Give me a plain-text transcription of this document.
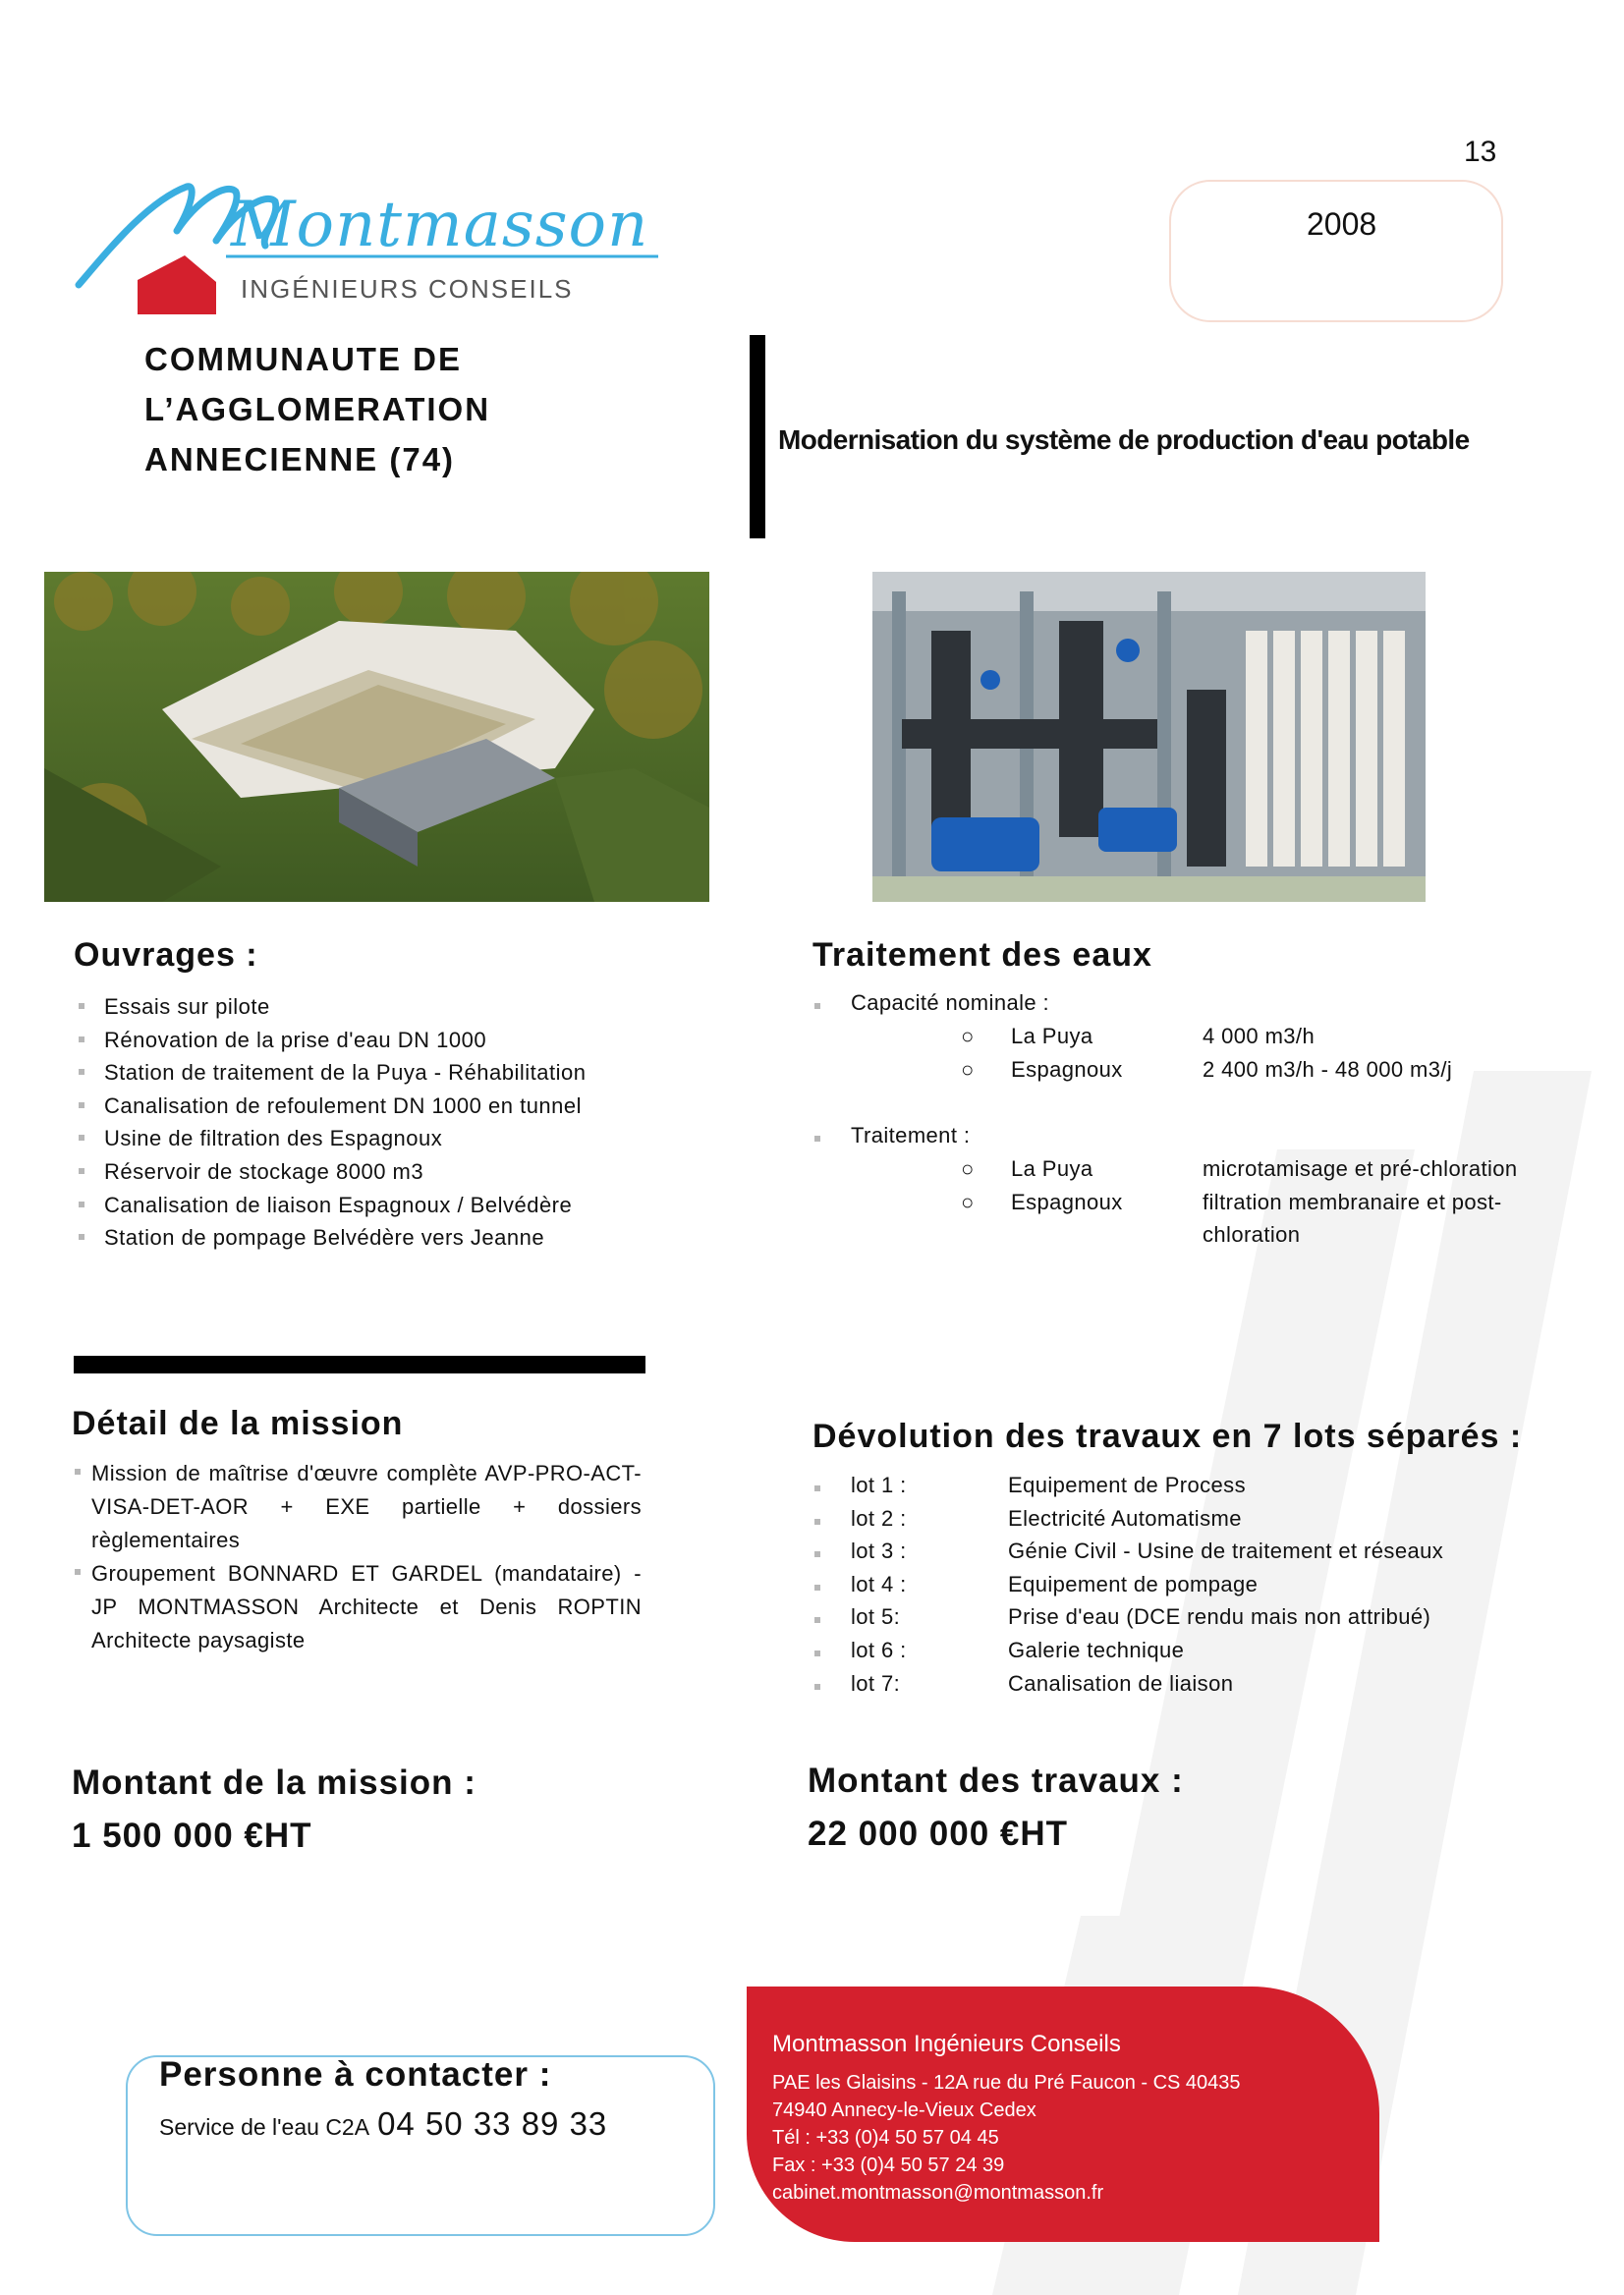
13
2008
Montmasson
INGÉNIEURS CONSEILS
COMMUNAUTE DE
L’AGGLOMERATION
ANNECIENNE (74)
Modernisation du système de production d'eau potable
Ouvrages :
Essais sur pilote
Rénovation de la prise d'eau DN 1000
Station de traitement de la Puya - Réhabilitation
Canalisation de refoulement DN 1000 en tunnel
Usine de filtration des Espagnoux
Réservoir de stockage 8000 m3
Canalisation de liaison Espagnoux / Belvédère
Station de pompage Belvédère vers Jeanne
Traitement des eaux
Capacité nominale :
○ La Puya	4 000 m3/h
○ Espagnoux	2 400 m3/h - 48 000 m3/j
Traitement :
○ La Puya	microtamisage et pré-chloration
○ Espagnoux	filtration membranaire et post-
chloration
Détail de la mission

Mission de maîtrise d'œuvre complète AVP-PRO-ACT-VISA-DET-AOR + EXE partielle + dossiers règlementaires

Groupement BONNARD ET GARDEL (mandataire) - JP MONTMASSON Architecte et Denis ROPTIN Architecte paysagiste

Dévolution des travaux en 7 lots séparés :
lot 1 :	Equipement de Process
lot 2 :	Electricité Automatisme
lot 3 :	Génie Civil - Usine de traitement et réseaux
lot 4 :	Equipement de pompage
lot 5:	Prise d'eau (DCE rendu mais non attribué)
lot 6 :	Galerie technique
lot 7:	Canalisation de liaison
Montant de la mission :
1 500 000 €HT
Montant des travaux :
22 000 000 €HT
Montmasson Ingénieurs Conseils
PAE les Glaisins - 12A rue du Pré Faucon - CS 40435
74940 Annecy-le-Vieux Cedex
Tél : +33 (0)4 50 57 04 45
Fax : +33 (0)4 50 57 24 39
cabinet.montmasson@montmasson.fr
Personne à contacter :
Service de l'eau C2A 04 50 33 89 33
